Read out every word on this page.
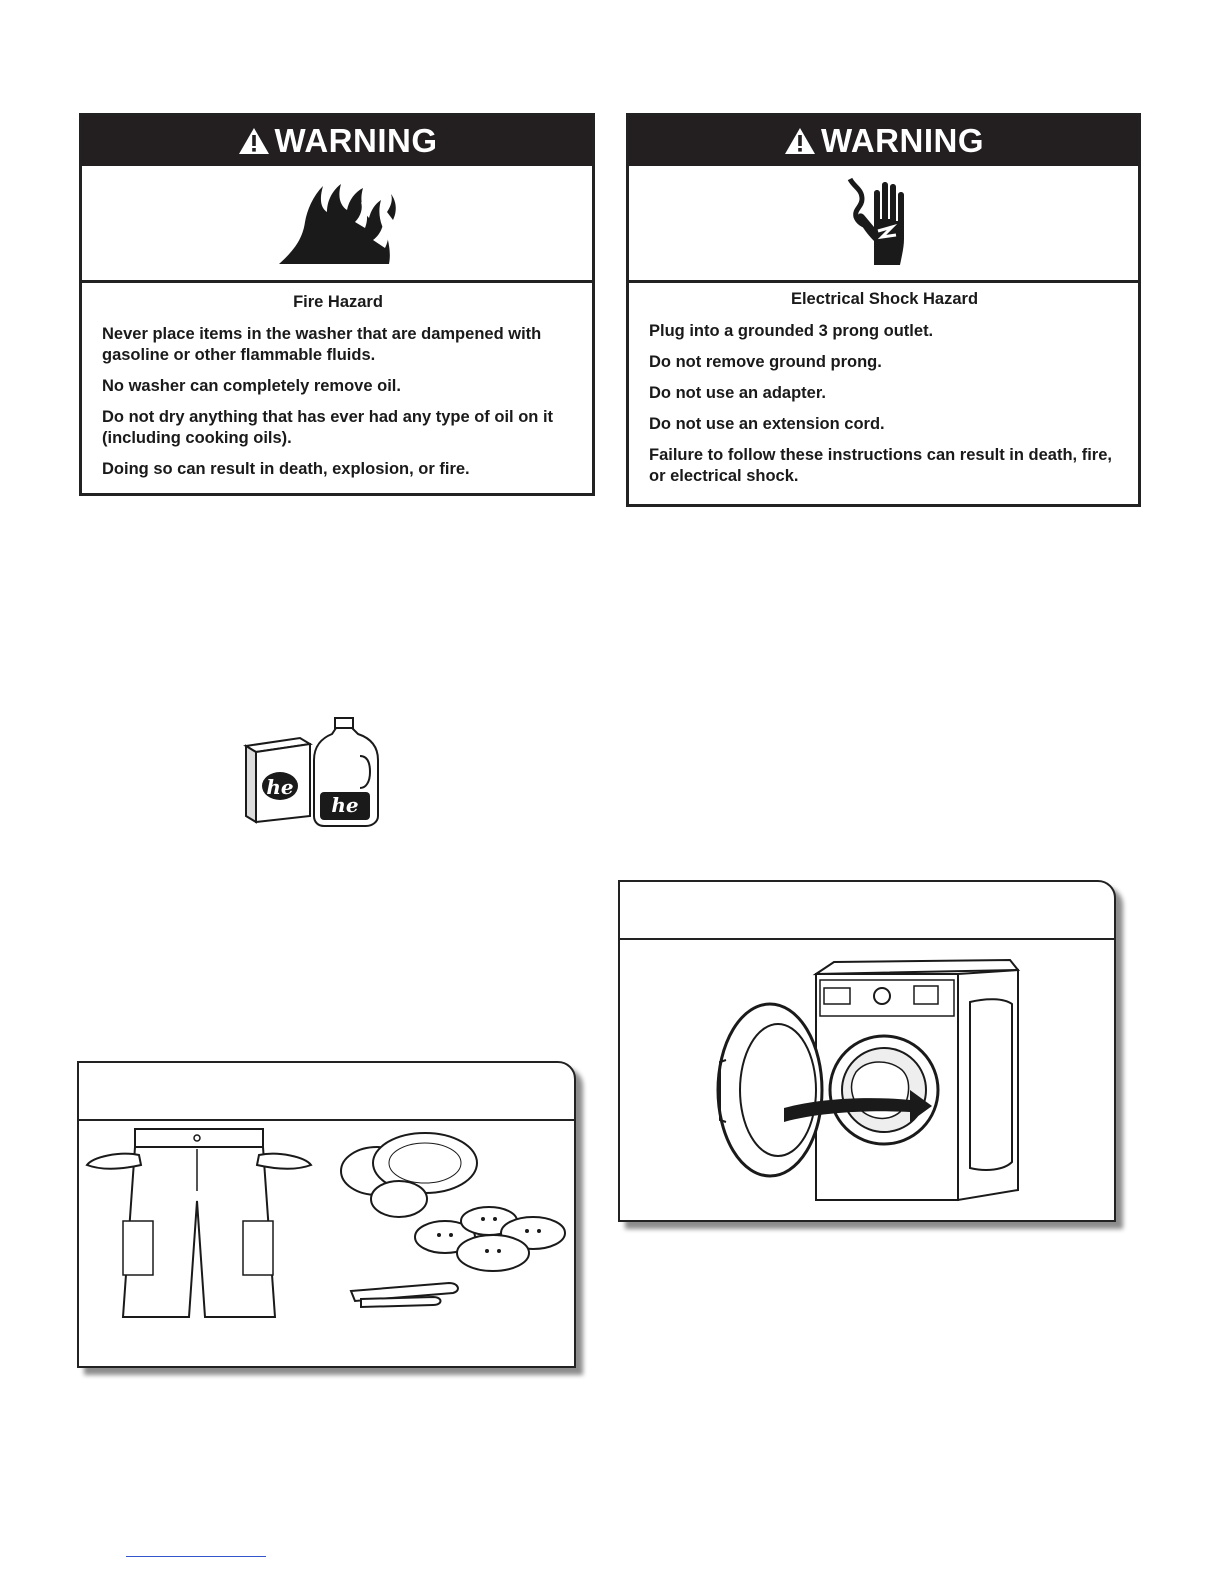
WARNING

Fire Hazard

Never place items in the washer that are dampened with gasoline or other flammable fluids.

No washer can completely remove oil.

Do not dry anything that has ever had any type of oil on it (including cooking oils).

Doing so can result in death, explosion, or fire.

WARNING

Electrical Shock Hazard

Plug into a grounded 3 prong outlet.

Do not remove ground prong.

Do not use an adapter.

Do not use an extension cord.

Failure to follow these instructions can result in death, fire, or electrical shock.

he
he
